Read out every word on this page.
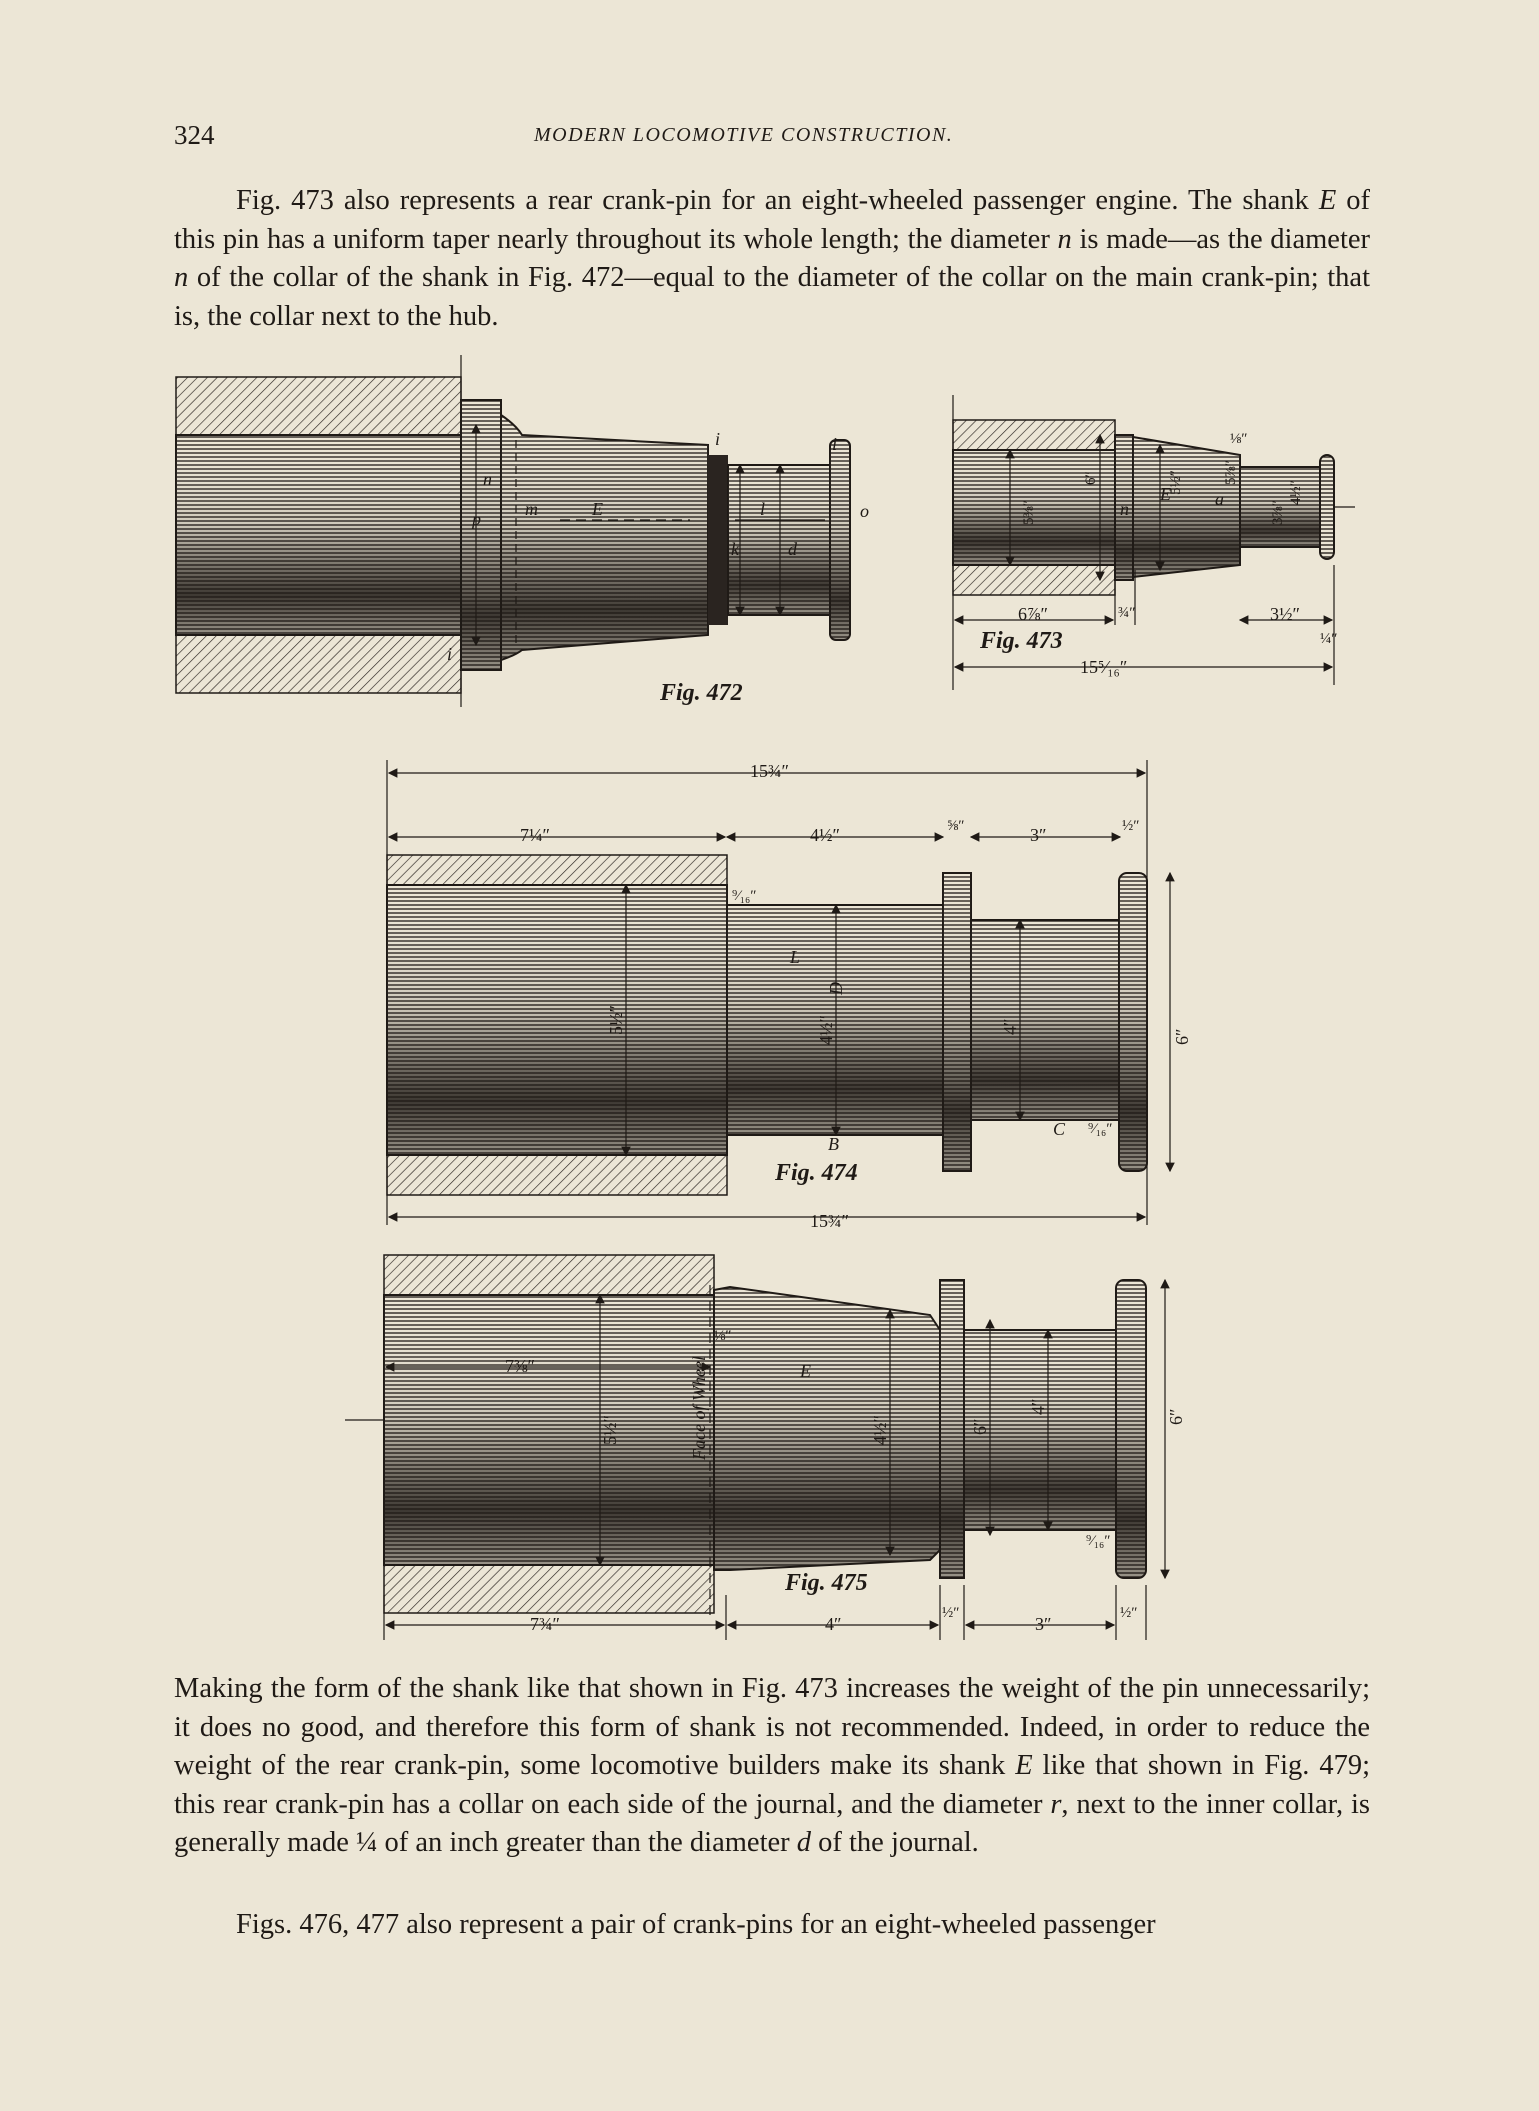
324	MODERN LOCOMOTIVE CONSTRUCTION.
Fig. 473 also represents a rear crank-pin for an eight-wheeled passenger engine. The shank E of this pin has a uniform taper nearly throughout its whole length; the diameter n is made—as the diameter n of the collar of the shank in Fig. 472—equal to the diameter of the collar on the main crank-pin; that is, the collar next to the hub.
n
p m	E
i	i
i
l
k	d
o
Fig. 472
6⅞″	¾″	3½″
¼″
15⁵⁄₁₆″
⅛″
5⅜″
6″	5⅞″
5½″
3⅞″
4½″
n
E a
Fig. 473
15¾″
7¼″	4½″	⅝″	3″	½″
⁹⁄₁₆″
⁹⁄₁₆″
5½″	4½″	4″
6″
L
B
C
D
Fig. 474
15¾″
7⅜″
⅛″
Face of Wheel
5½″	4½″	6″
4″
6″
E
⁹⁄₁₆″
7¾″	4″
½″
3″
½″
Fig. 475
Making the form of the shank like that shown in Fig. 473 increases the weight of the pin unnecessarily; it does no good, and therefore this form of shank is not recommended. Indeed, in order to reduce the weight of the rear crank-pin, some locomotive builders make its shank E like that shown in Fig. 479; this rear crank-pin has a collar on each side of the journal, and the diameter r, next to the inner collar, is generally made ¼ of an inch greater than the diameter d of the journal.
Figs. 476, 477 also represent a pair of crank-pins for an eight-wheeled passenger
